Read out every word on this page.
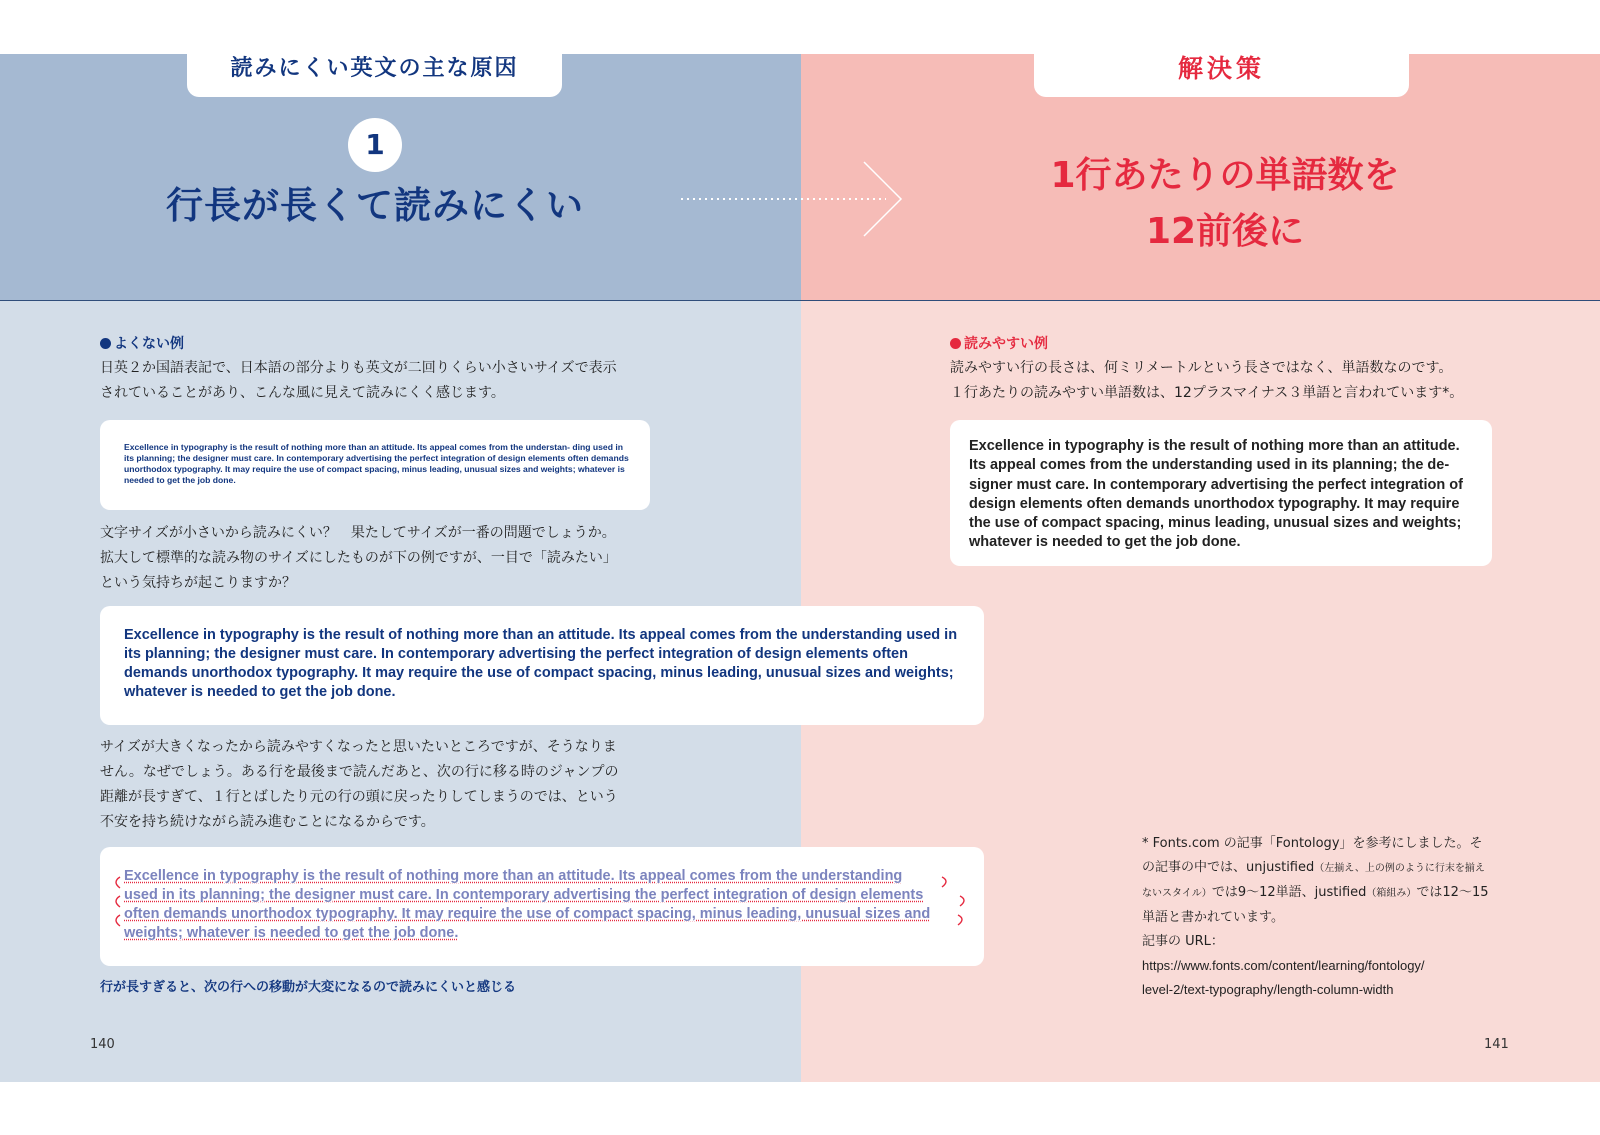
読みにくい英文の主な原因	解決策
1
行長が長くて読みにくい
1行あたりの単語数を
12前後に
よくない例
日英２か国語表記で、日本語の部分よりも英文が二回りくらい小さいサイズで表示
されていることがあり、こんな風に見えて読みにくく感じます。

Excellence in typography is the result of nothing more than an attitude. Its appeal comes from the understan- ding used in its planning; the designer must care. In contemporary advertising the perfect integration of design elements often demands unorthodox typography. It may require the use of compact spacing, minus leading, unusual sizes and weights; whatever is needed to get the job done.

文字サイズが小さいから読みにくい？　果たしてサイズが一番の問題でしょうか。
拡大して標準的な読み物のサイズにしたものが下の例ですが、一目で「読みたい」
という気持ちが起こりますか？

Excellence in typography is the result of nothing more than an attitude. Its appeal comes from the understanding used in its planning; the designer must care. In contemporary advertising the perfect integration of design elements often demands unorthodox typography. It may require the use of compact spacing, minus leading, unusual sizes and weights; whatever is needed to get the job done.

サイズが大きくなったから読みやすくなったと思いたいところですが、そうなりま
せん。なぜでしょう。ある行を最後まで読んだあと、次の行に移る時のジャンプの
距離が長すぎて、１行とばしたり元の行の頭に戻ったりしてしまうのでは、という
不安を持ち続けながら読み進むことになるからです。

Excellence in typography is the result of nothing more than an attitude. Its appeal comes from the understanding
used in its planning; the designer must care. In contemporary advertising the perfect integration of design elements
often demands unorthodox typography. It may require the use of compact spacing, minus leading, unusual sizes and
weights; whatever is needed to get the job done.

行が長すぎると、次の行への移動が大変になるので読みにくいと感じる
140
読みやすい例
読みやすい行の長さは、何ミリメートルという長さではなく、単語数なのです。
１行あたりの読みやすい単語数は、12プラスマイナス３単語と言われています*。

Excellence in typography is the result of nothing more than an attitude. Its appeal comes from the understanding used in its planning; the de- signer must care. In contemporary advertising the perfect integration of design elements often demands unorthodox typography. It may require the use of compact spacing, minus leading, unusual sizes and weights; whatever is needed to get the job done.

* Fonts.com の記事「Fontology」を参考にしました。そ
の記事の中では、unjustified（左揃え、上の例のように行末を揃え
ないスタイル）では9〜12単語、justified（箱組み）では12〜15
単語と書かれています。
記事の URL：
https://www.fonts.com/content/learning/fontology/
level-2/text-typography/length-column-width
141
